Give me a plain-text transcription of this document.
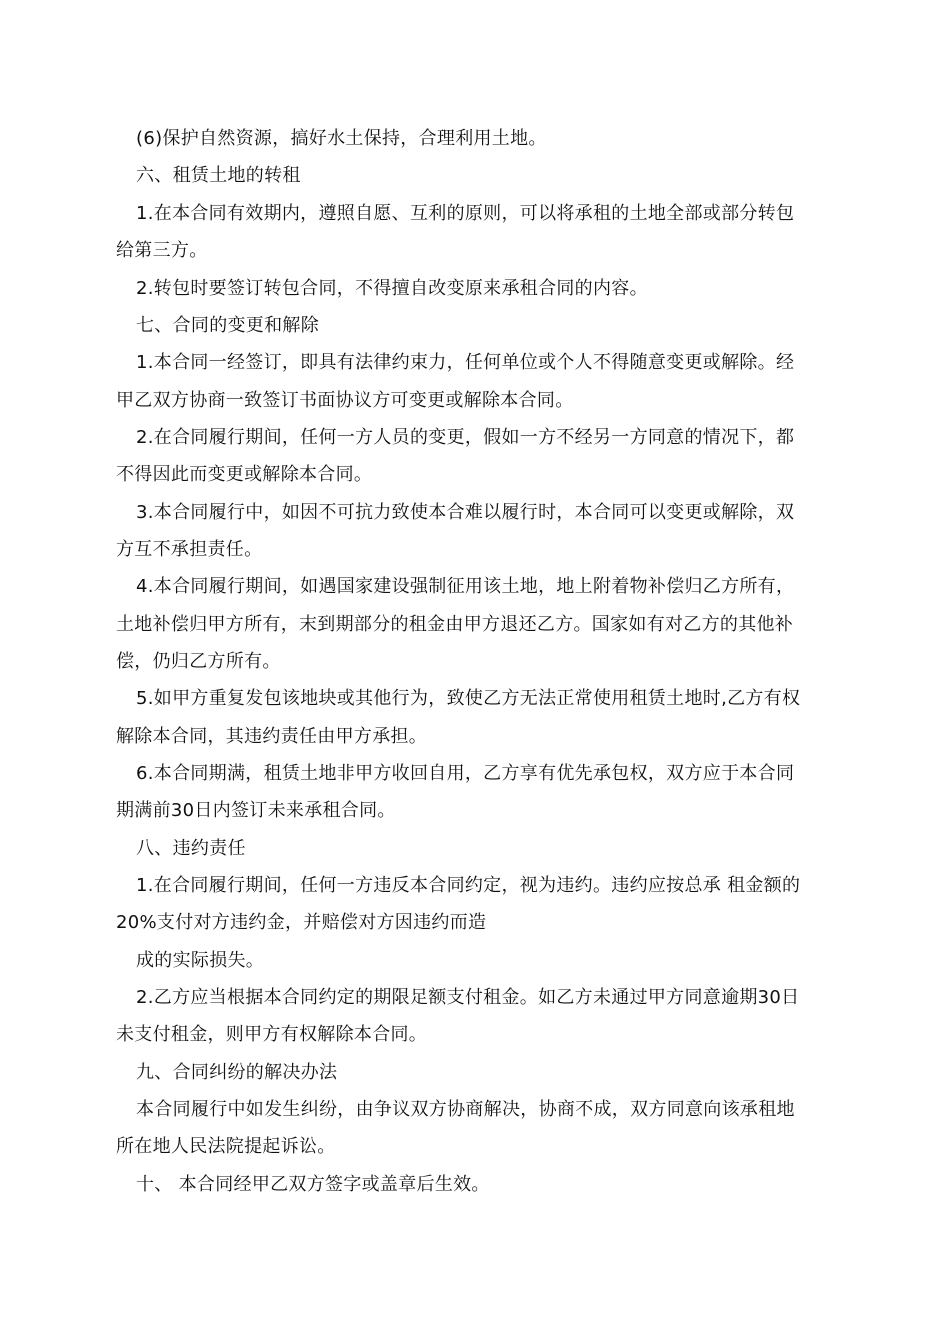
(6)保护自然资源，搞好水土保持，合理利用土地。
六、租赁土地的转租
1.在本合同有效期内，遵照自愿、互利的原则，可以将承租的土地全部或部分转包
给第三方。
2.转包时要签订转包合同，不得擅自改变原来承租合同的内容。
七、合同的变更和解除
1.本合同一经签订，即具有法律约束力，任何单位或个人不得随意变更或解除。经
甲乙双方协商一致签订书面协议方可变更或解除本合同。
2.在合同履行期间，任何一方人员的变更，假如一方不经另一方同意的情况下，都
不得因此而变更或解除本合同。
3.本合同履行中，如因不可抗力致使本合难以履行时，本合同可以变更或解除，双
方互不承担责任。
4.本合同履行期间，如遇国家建设强制征用该土地，地上附着物补偿归乙方所有，
土地补偿归甲方所有，末到期部分的租金由甲方退还乙方。国家如有对乙方的其他补
偿，仍归乙方所有。
5.如甲方重复发包该地块或其他行为，致使乙方无法正常使用租赁土地时,乙方有权
解除本合同，其违约责任由甲方承担。
6.本合同期满，租赁土地非甲方收回自用，乙方享有优先承包权，双方应于本合同
期满前30日内签订未来承租合同。
八、违约责任
1.在合同履行期间，任何一方违反本合同约定，视为违约。违约应按总承 租金额的
20%支付对方违约金，并赔偿对方因违约而造
成的实际损失。
2.乙方应当根据本合同约定的期限足额支付租金。如乙方未通过甲方同意逾期30日
未支付租金，则甲方有权解除本合同。
九、合同纠纷的解决办法
本合同履行中如发生纠纷，由争议双方协商解决，协商不成，双方同意向该承租地
所在地人民法院提起诉讼。
十、 本合同经甲乙双方签字或盖章后生效。
